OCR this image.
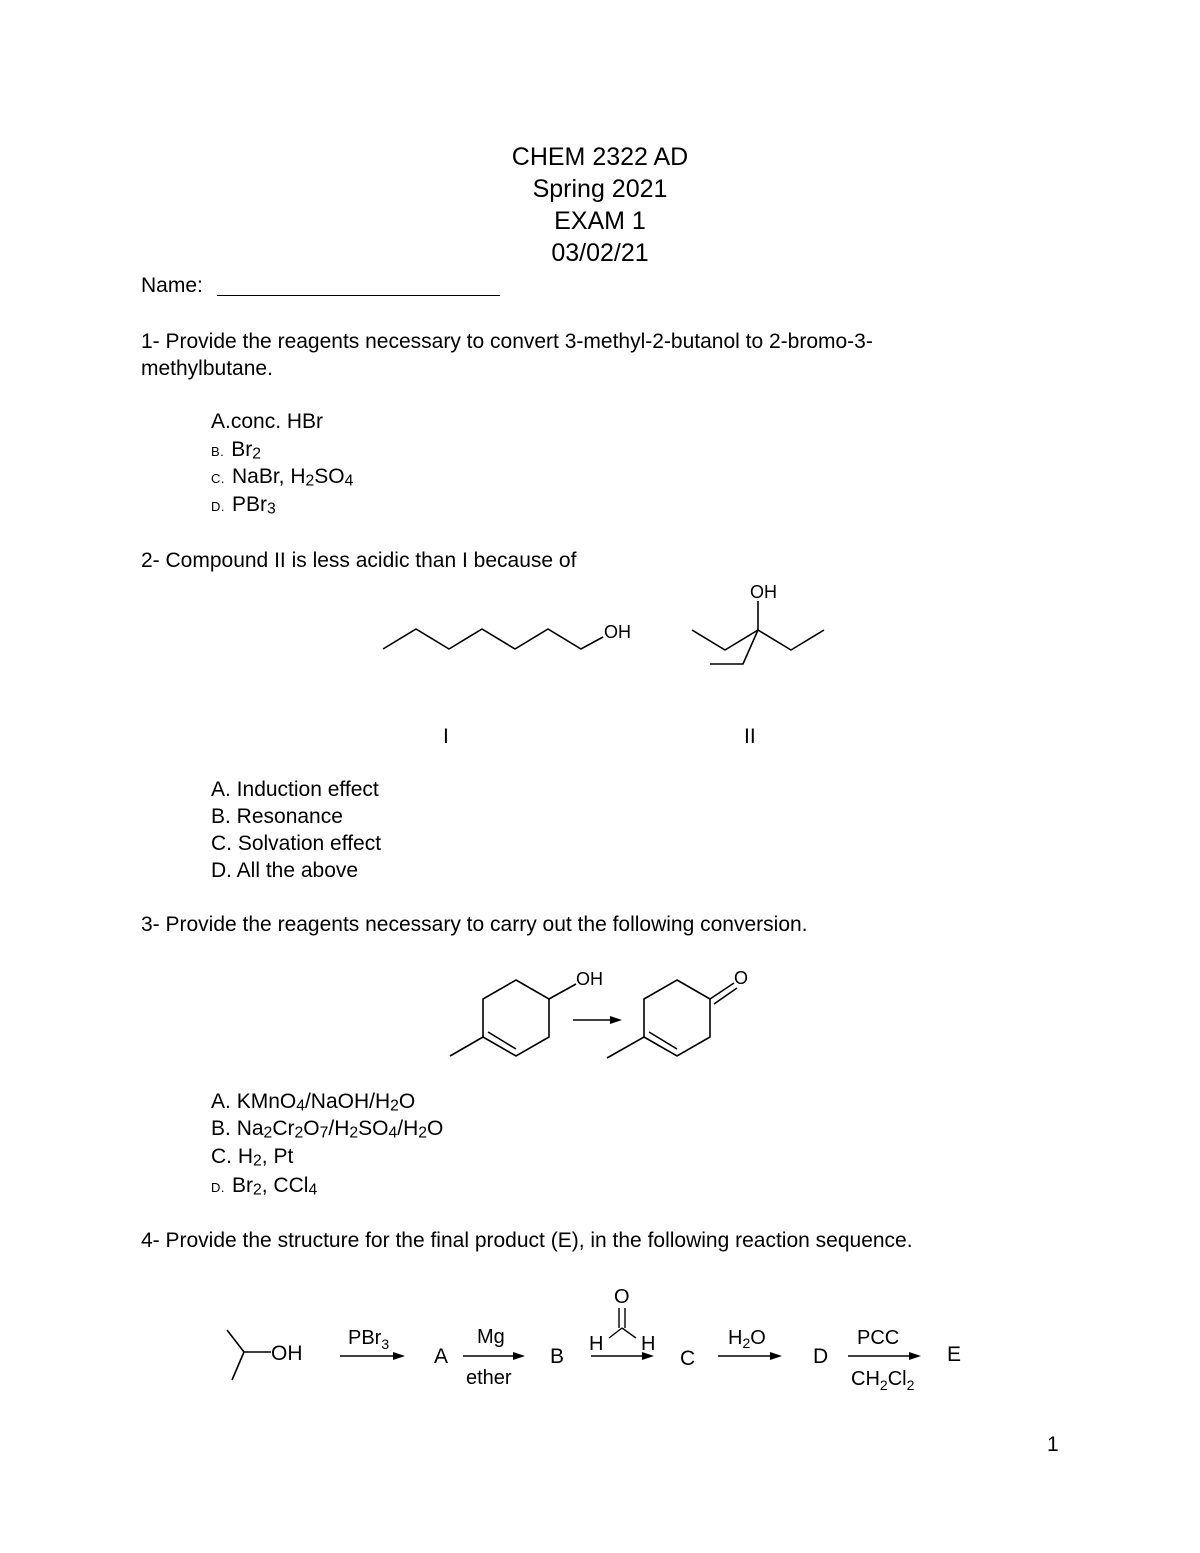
CHEM 2322 AD
Spring 2021
EXAM 1
03/02/21
Name:
1- Provide the reagents necessary to convert 3-methyl-2-butanol to 2-bromo-3-
methylbutane.
A.conc. HBr
B. $Br_2$
C. NaBr, $H_2SO_4$
D. PBr$_3$
2- Compound II is less acidic than I because of
OH
OH
I	II
A. Induction effect
B. Resonance
C. Solvation effect
D. All the above
3- Provide the reagents necessary to carry out the following conversion.
OH	O
A. $KMnO_4/NaOH/H_2O$
B. $Na_2Cr_2O_7/H_2SO_4/H_2O$
C. $H_2$, Pt
D. $Br_2$, CCl$_4$
4- Provide the structure for the final product (E), in the following reaction sequence.
OH
PBr$_3$
A
Mg
ether
B
O
H H
C
$H_2O$
D
PCC
$CH_2Cl_2$
E
1
